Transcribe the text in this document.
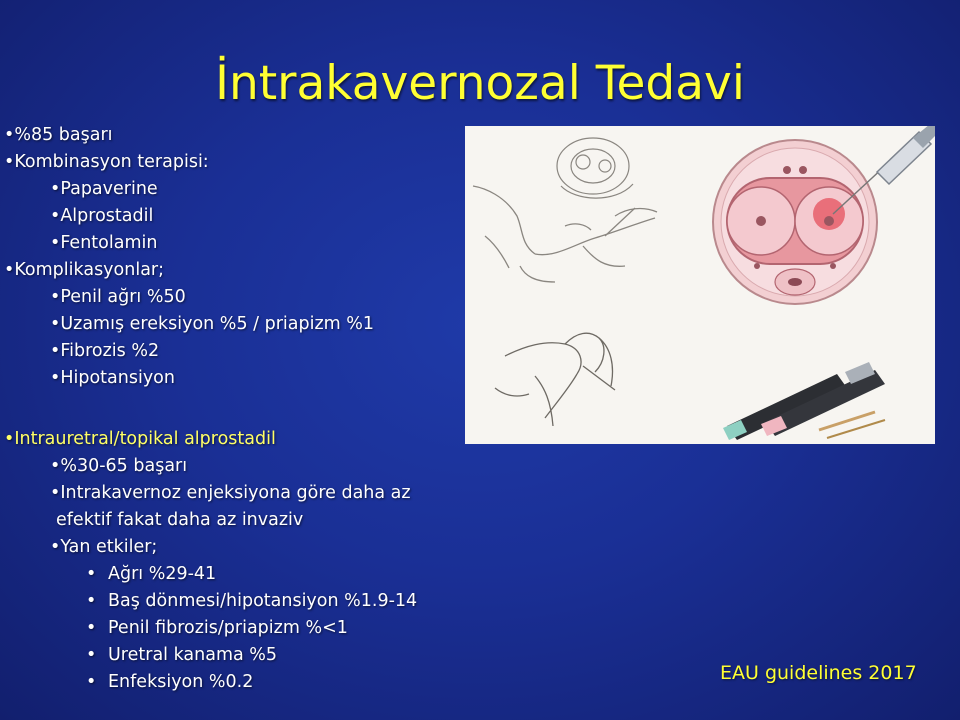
İntrakavernozal Tedavi
•%85 başarı
•Kombinasyon terapisi:
•Papaverine
•Alprostadil
•Fentolamin
•Komplikasyonlar;
•Penil ağrı %50
•Uzamış ereksiyon %5 / priapizm %1
•Fibrozis %2
•Hipotansiyon
•Intrauretral/topikal alprostadil
•%30-65 başarı
•Intrakavernoz enjeksiyona göre daha az
efektif fakat daha az invaziv
•Yan etkiler;
• Ağrı %29-41
• Baş dönmesi/hipotansiyon %1.9-14
• Penil fibrozis/priapizm %<1
• Uretral kanama %5
• Enfeksiyon %0.2	EAU guidelines 2017
